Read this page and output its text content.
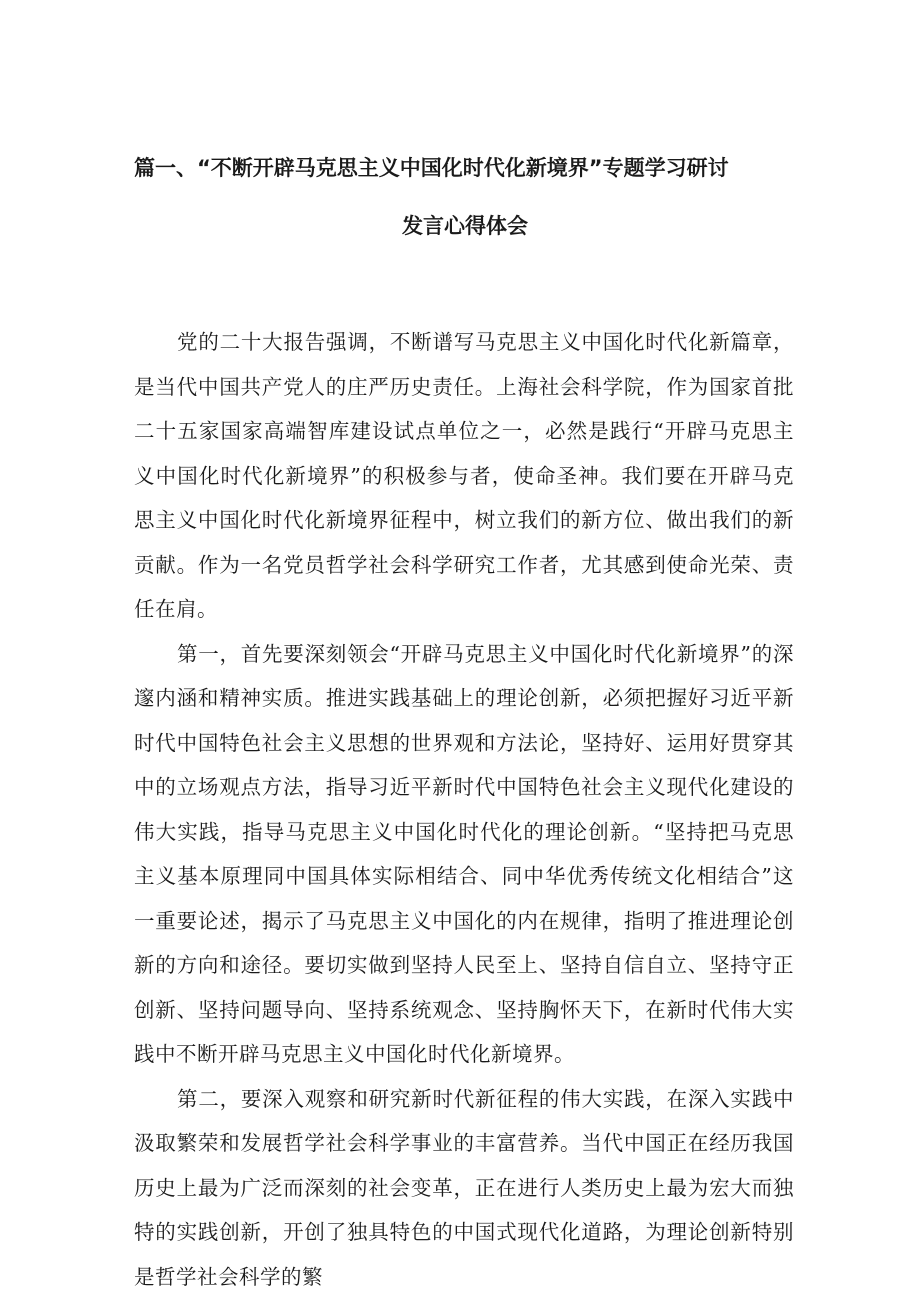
篇一、“不断开辟马克思主义中国化时代化新境界”专题学习研讨
发言心得体会

党的二十大报告强调，不断谱写马克思主义中国化时代化新篇章，是当代中国共产党人的庄严历史责任。上海社会科学院，作为国家首批二十五家国家高端智库建设试点单位之一，必然是践行“开辟马克思主义中国化时代化新境界”的积极参与者，使命圣神。我们要在开辟马克思主义中国化时代化新境界征程中，树立我们的新方位、做出我们的新贡献。作为一名党员哲学社会科学研究工作者，尤其感到使命光荣、责任在肩。

第一，首先要深刻领会“开辟马克思主义中国化时代化新境界”的深邃内涵和精神实质。推进实践基础上的理论创新，必须把握好习近平新时代中国特色社会主义思想的世界观和方法论，坚持好、运用好贯穿其中的立场观点方法，指导习近平新时代中国特色社会主义现代化建设的伟大实践，指导马克思主义中国化时代化的理论创新。“坚持把马克思主义基本原理同中国具体实际相结合、同中华优秀传统文化相结合”这一重要论述，揭示了马克思主义中国化的内在规律，指明了推进理论创新的方向和途径。要切实做到坚持人民至上、坚持自信自立、坚持守正创新、坚持问题导向、坚持系统观念、坚持胸怀天下，在新时代伟大实践中不断开辟马克思主义中国化时代化新境界。

第二，要深入观察和研究新时代新征程的伟大实践，在深入实践中汲取繁荣和发展哲学社会科学事业的丰富营养。当代中国正在经历我国历史上最为广泛而深刻的社会变革，正在进行人类历史上最为宏大而独特的实践创新，开创了独具特色的中国式现代化道路，为理论创新特别是哲学社会科学的繁
